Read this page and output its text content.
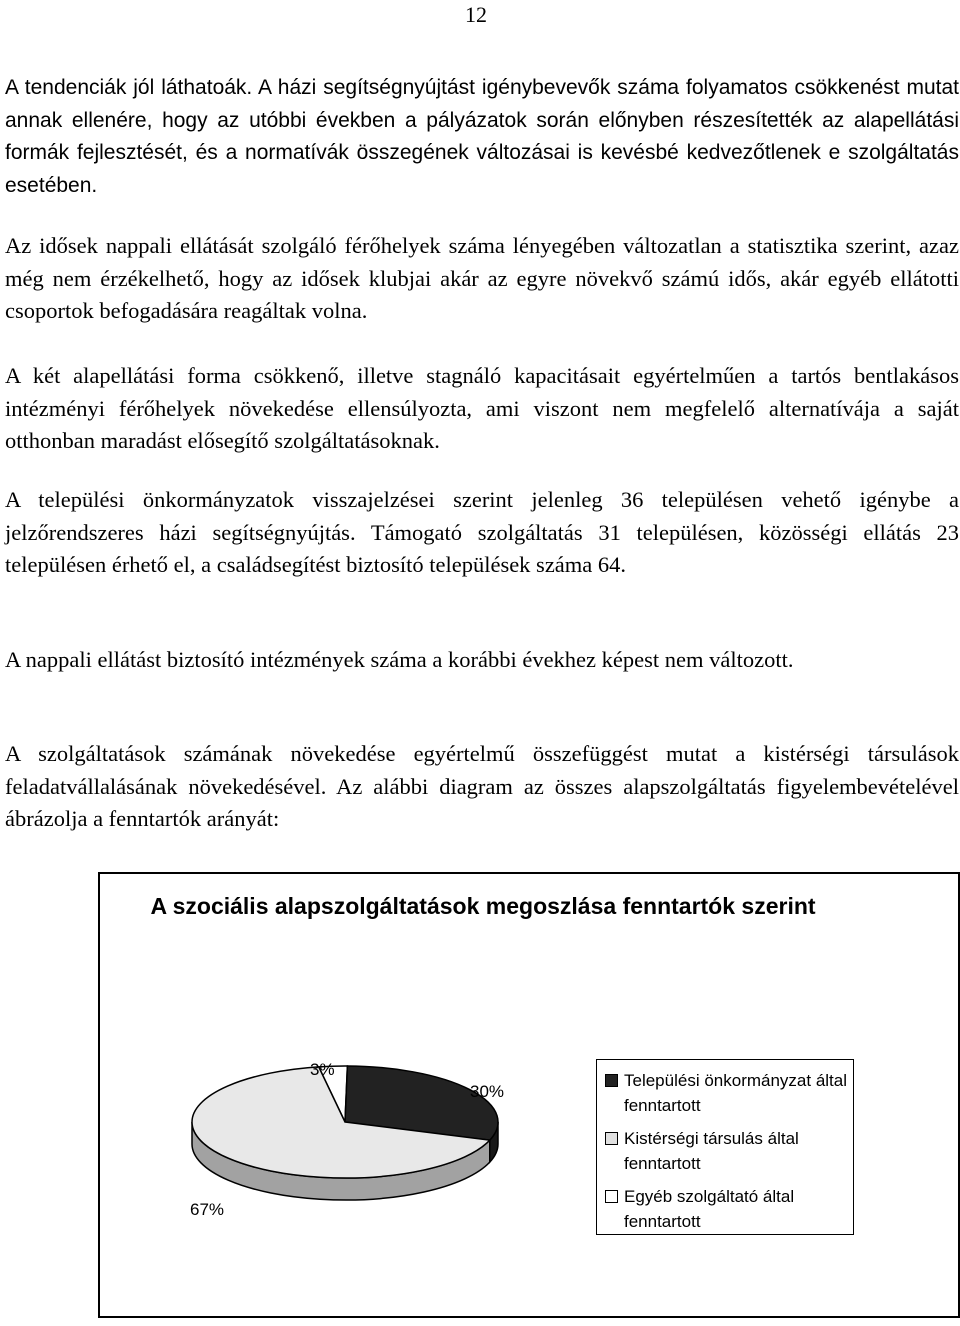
12

A tendenciák jól láthatoák. A házi segítségnyújtást igénybevevők száma folyamatos csökkenést mutat annak ellenére, hogy az utóbbi években a pályázatok során előnyben részesítették az alapellátási formák fejlesztését, és a normatívák összegének változásai is kevésbé kedvezőtlenek e szolgáltatás esetében.

Az idősek nappali ellátását szolgáló férőhelyek száma lényegében változatlan a statisztika szerint, azaz még nem érzékelhető, hogy az idősek klubjai akár az egyre növekvő számú idős, akár egyéb ellátotti csoportok befogadására reagáltak volna.

A két alapellátási forma csökkenő, illetve stagnáló kapacitásait egyértelműen a tartós bentlakásos intézményi férőhelyek növekedése ellensúlyozta, ami viszont nem megfelelő alternatívája a saját otthonban maradást elősegítő szolgáltatásoknak.

A települési önkormányzatok visszajelzései szerint jelenleg 36 településen vehető igénybe a jelzőrendszeres házi segítségnyújtás. Támogató szolgáltatás 31 településen, közösségi ellátás 23 településen érhető el, a családsegítést biztosító települések száma 64.

A nappali ellátást biztosító intézmények száma a korábbi évekhez képest nem változott.

A szolgáltatások számának növekedése egyértelmű összefüggést mutat a kistérségi társulások feladatvállalásának növekedésével. Az alábbi diagram az összes alapszolgáltatás figyelembevételével ábrázolja a fenntartók arányát:

A szociális alapszolgáltatások megoszlása fenntartók szerint
3%
30%
67%
Települési önkormányzat által fenntartott
Kistérségi társulás által fenntartott
Egyéb szolgáltató által fenntartott
